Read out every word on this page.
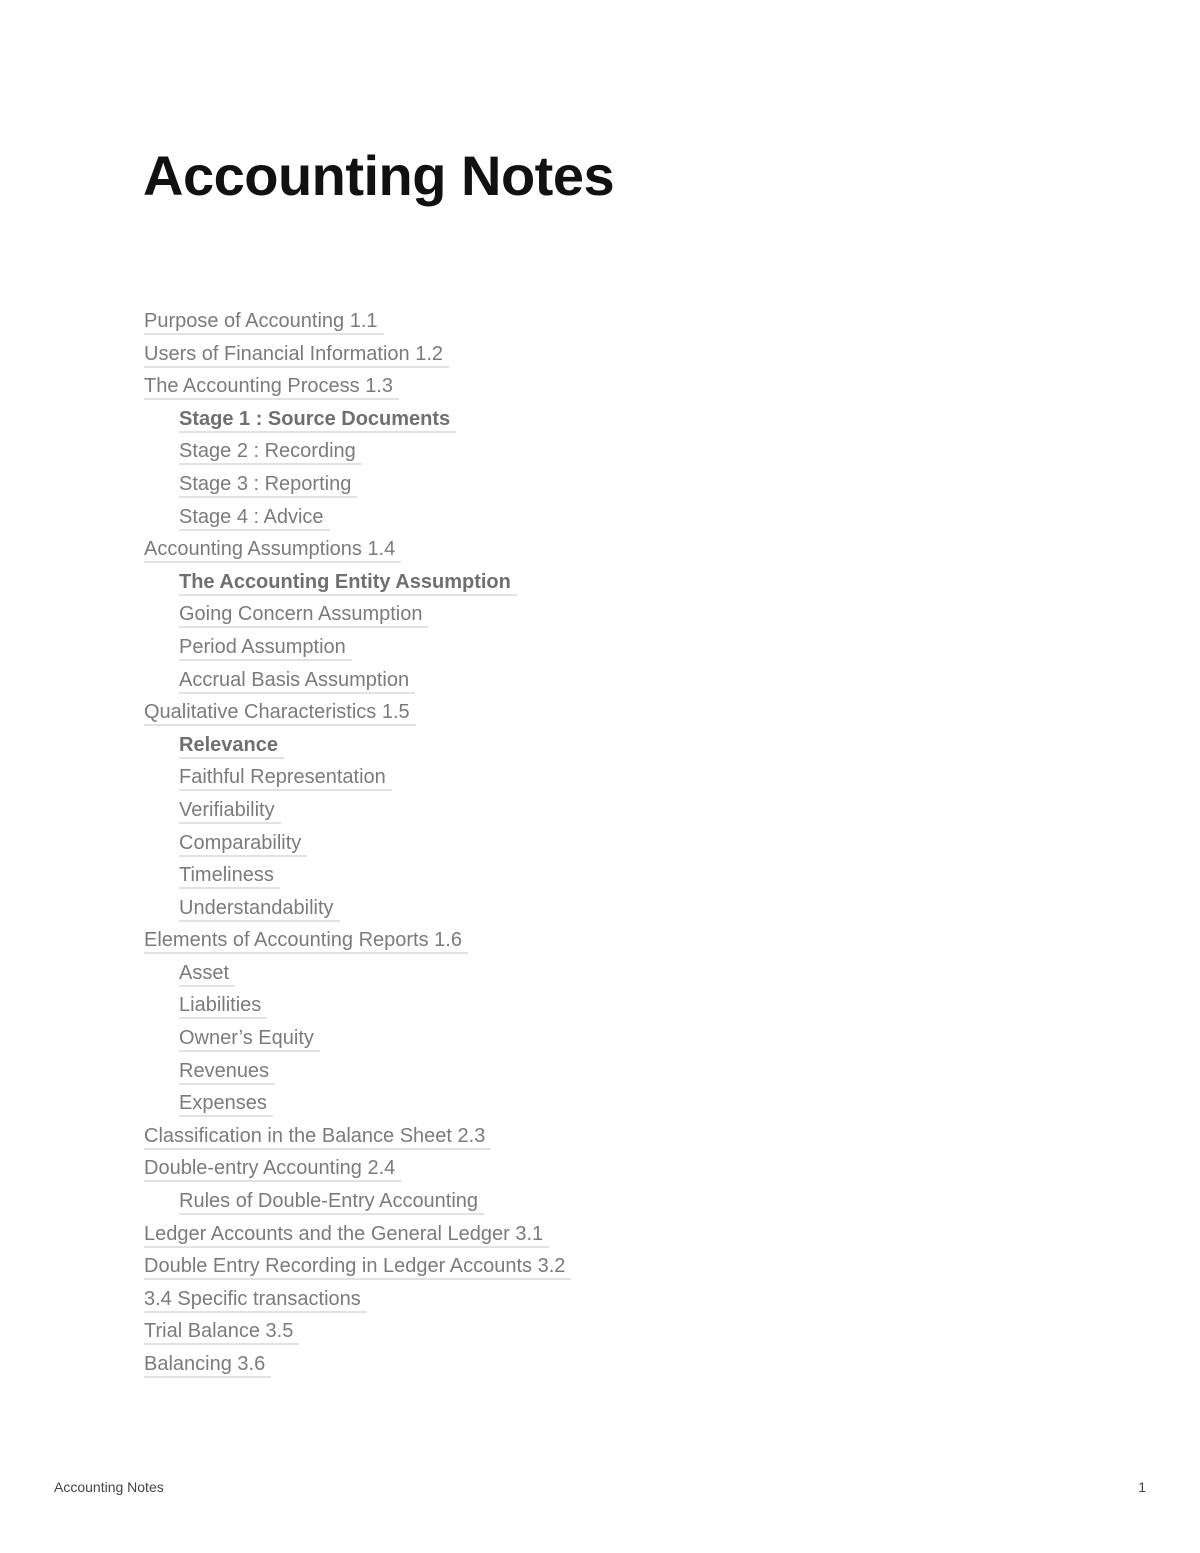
Accounting Notes
Purpose of Accounting 1.1
Users of Financial Information 1.2
The Accounting Process 1.3
Stage 1 : Source Documents
Stage 2 : Recording
Stage 3 : Reporting
Stage 4 : Advice
Accounting Assumptions 1.4
The Accounting Entity Assumption
Going Concern Assumption
Period Assumption
Accrual Basis Assumption
Qualitative Characteristics 1.5
Relevance
Faithful Representation
Verifiability
Comparability
Timeliness
Understandability
Elements of Accounting Reports 1.6
Asset
Liabilities
Owner’s Equity
Revenues
Expenses
Classification in the Balance Sheet 2.3
Double-entry Accounting 2.4
Rules of Double-Entry Accounting
Ledger Accounts and the General Ledger 3.1
Double Entry Recording in Ledger Accounts 3.2
3.4 Specific transactions
Trial Balance 3.5
Balancing 3.6
Accounting Notes	1
